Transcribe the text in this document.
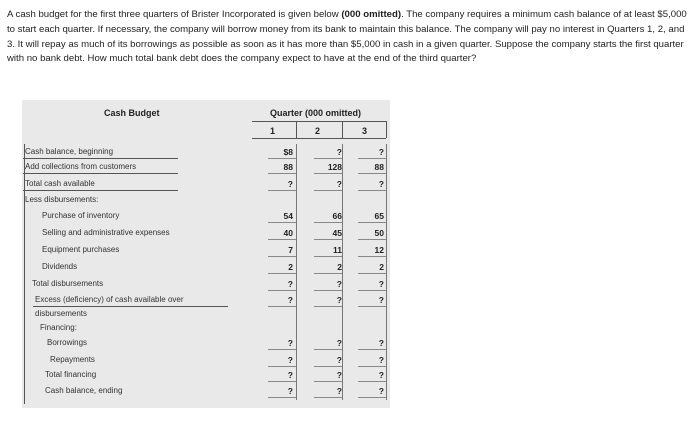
A cash budget for the first three quarters of Brister Incorporated is given below (000 omitted). The company requires a minimum cash balance of at least $5,000 to start each quarter. If necessary, the company will borrow money from its bank to maintain this balance. The company will pay no interest in Quarters 1, 2, and 3. It will repay as much of its borrowings as possible as soon as it has more than $5,000 in cash in a given quarter. Suppose the company starts the first quarter with no bank debt. How much total bank debt does the company expect to have at the end of the third quarter?
Cash Budget	Quarter (000 omitted)
1	2	3
Cash balance, beginning	$8	?	?
Add collections from customers	88	128	88
Total cash available	?	?	?
Less disbursements:
Purchase of inventory	54	66	65
Selling and administrative expenses	40	45	50
Equipment purchases	7	11	12
Dividends	2	2	2
Total disbursements	?	?	?
Excess (deficiency) of cash available over	?	?	?
disbursements
Financing:
Borrowings	?	?	?
Repayments	?	?	?
Total financing	?	?	?
Cash balance, ending	?	?	?
